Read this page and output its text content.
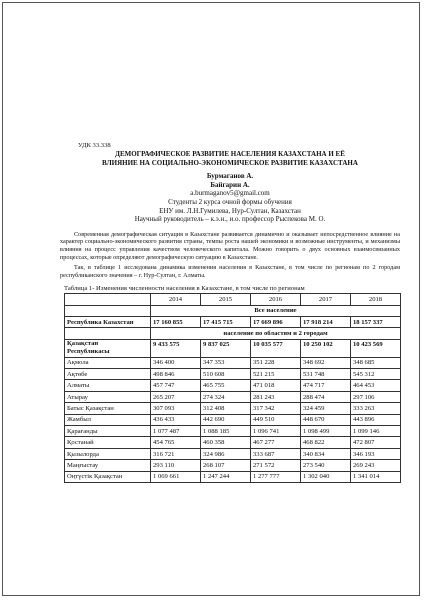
УДК 33.338
ДЕМОГРАФИЧЕСКОЕ РАЗВИТИЕ НАСЕЛЕНИЯ КАЗАХСТАНА И ЕЁ
ВЛИЯНИЕ НА СОЦИАЛЬНО-ЭКОНОМИЧЕСКОЕ РАЗВИТИЕ КАЗАХСТАНА
Бурмаганов А.
Байгарин А.
a.burmaganov5@gmail.com
Студенты 2 курса очной формы обучения
ЕНУ им. Л.Н.Гумилева, Нур-Султан, Казахстан
Научный руководитель – к.э.н., и.о. профессор Рыспекова М. О.
Современная демографическая ситуация в Казахстане развивается динамично и оказывает непосредственное влияние на характер социально-экономического развития страны, темпы роста нашей экономики и возможные инструменты, и механизмы влияния на процесс управления качеством человеческого капитала. Можно говорить о двух основных взаимосвязанных процессах, которые определяют демографическую ситуацию в Казахстане.
Так, в таблице 1 исследована динамика изменения населения в Казахстане, в том числе по регионам по 2 городам республиканского значения – г. Нур-Султан, г. Алматы.
Таблица 1- Изменения численности населения в Казахстане, в том числе по регионам
	2014	2015	2016	2017	2018
	Все население				
Республика Казахстан	17 160 855	17 415 715	17 669 896	17 918 214	18 157 337
	население по областям и 2 городам				

Қазақстан
Республикасы	9 433 575	9 837 025	10 035 577	10 250 102	10 423 569
Ақмола	346 400	347 353	351 228	348 692	348 685
Ақтөбе	498 846	510 608	521 215	531 748	545 312
Алматы	457 747	465 755	471 018	474 717	464 453
Атырау	265 207	274 324	281 243	288 474	297 106
Батыс Қазақстан	307 093	312 408	317 342	324 459	333 263
Жамбыл	436 433	442 690	449 510	448 670	443 896
Қарағанды	1 077 487	1 088 185	1 096 741	1 098 499	1 099 146
Қостанай	454 765	460 358	467 277	468 822	472 807
Қызылорда	316 721	324 986	333 687	340 834	346 193
Маңғыстау	293 110	268 107	271 572	273 540	269 243
Оңтүстік Қазақстан	1 069 661	1 247 244	1 277 777	1 302 040	1 341 014
